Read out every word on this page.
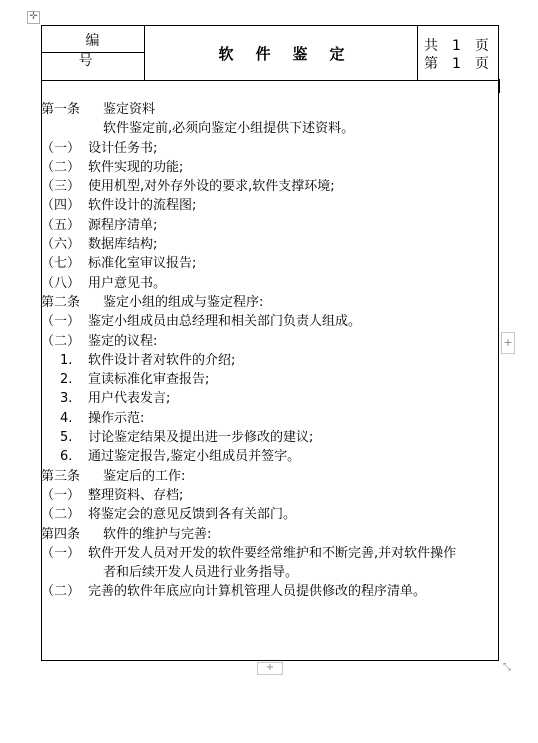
✛
编　号	软件鉴定	共　1　页
第　1　页
第一条	鉴定资料
软件鉴定前,必须向鉴定小组提供下述资料。
（一） 设计任务书;
（二） 软件实现的功能;
（三） 使用机型,对外存外设的要求,软件支撑环境;
（四） 软件设计的流程图;
（五） 源程序清单;
（六） 数据库结构;
（七） 标准化室审议报告;
（八） 用户意见书。
第二条	鉴定小组的组成与鉴定程序:
（一） 鉴定小组成员由总经理和相关部门负责人组成。
（二） 鉴定的议程:
1.	软件设计者对软件的介绍;
2.	宣读标准化审查报告;
3.	用户代表发言;
4.	操作示范:
5.	讨论鉴定结果及提出进一步修改的建议;
6.	通过鉴定报告,鉴定小组成员并签字。
第三条	鉴定后的工作:
（一） 整理资料、存档;
（二） 将鉴定会的意见反馈到各有关部门。
第四条	软件的维护与完善:
（一） 软件开发人员对开发的软件要经常维护和不断完善,并对软件操作
者和后续开发人员进行业务指导。
（二） 完善的软件年底应向计算机管理人员提供修改的程序清单。
+
+	⤡
